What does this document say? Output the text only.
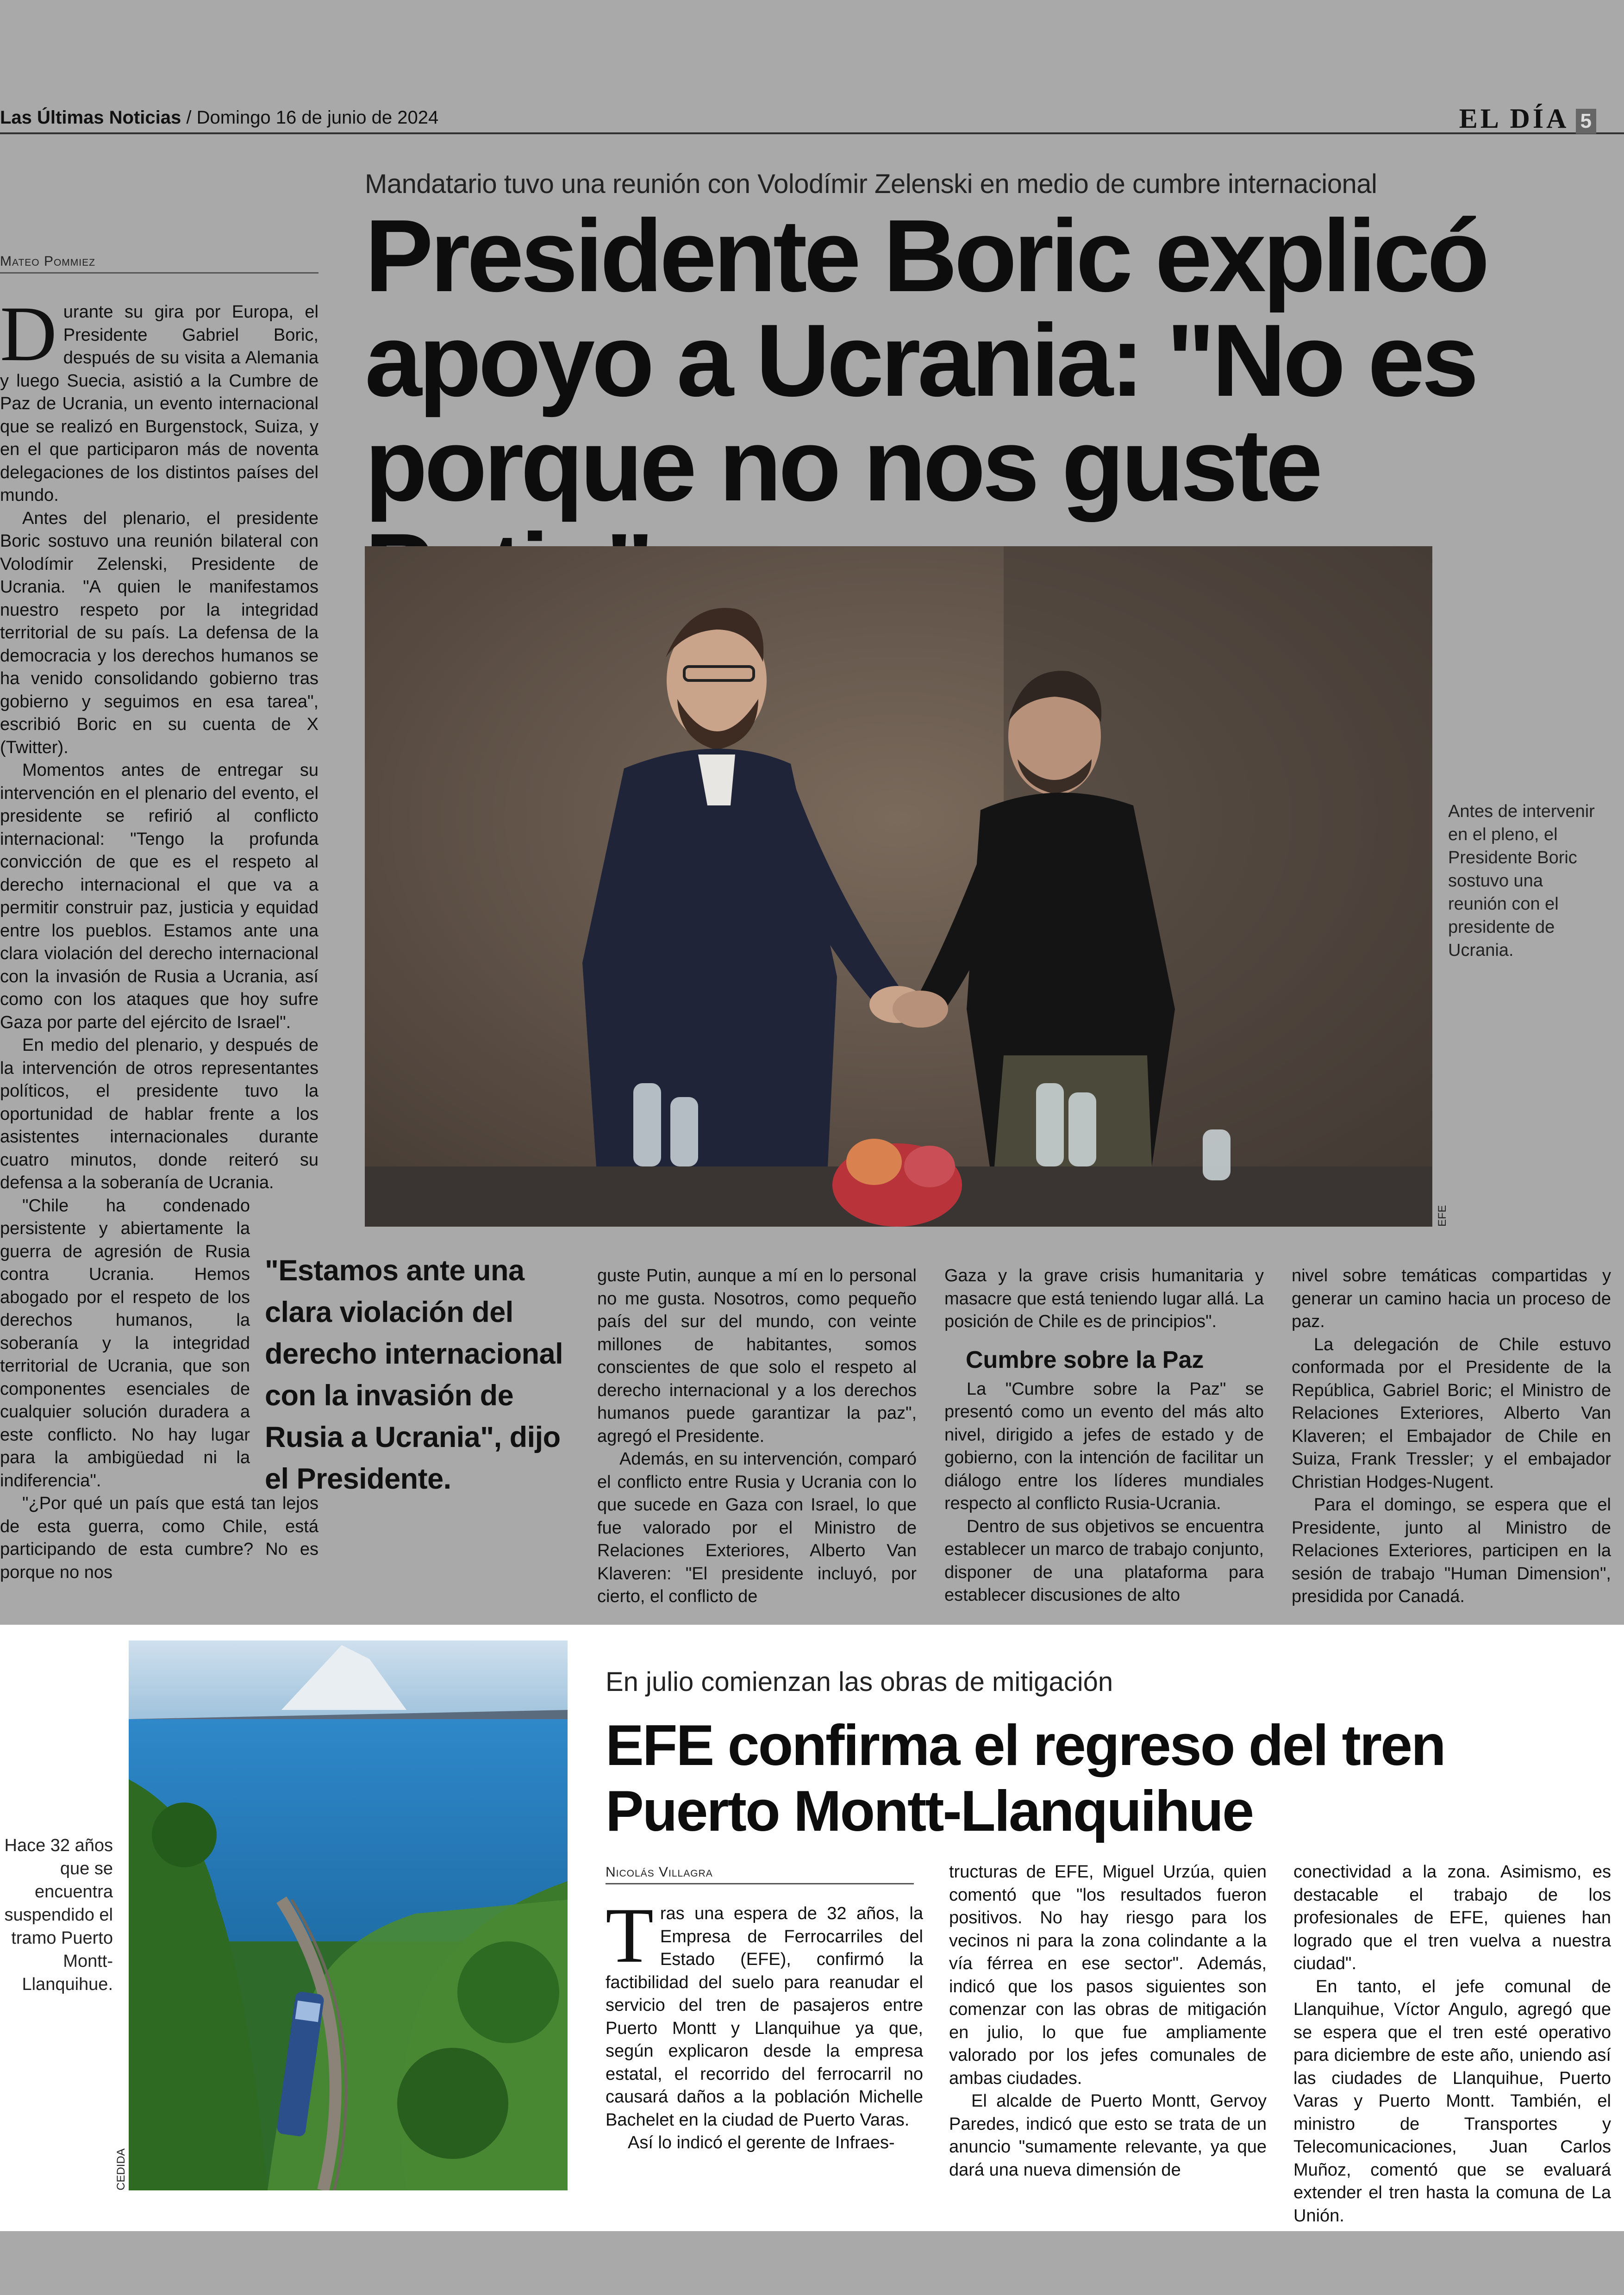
Las Últimas Noticias / Domingo 16 de junio de 2024	EL DÍA 5
Mandatario tuvo una reunión con Volodímir Zelenski en medio de cumbre internacional
Presidente Boric explicó apoyo a Ucrania: "No es porque no nos guste
Mateo Pommiez

Durante su gira por Europa, el Presidente Gabriel Boric, después de su visita a Alemania y luego Suecia, asistió a la Cumbre de Paz de Ucrania, un evento internacional que se realizó en Burgenstock, Suiza, y en el que participaron más de noventa delegaciones de los distintos países del mundo.

Antes del plenario, el presidente Boric sostuvo una reunión bilateral con Volodímir Zelenski, Presidente de Ucrania. "A quien le manifestamos nuestro respeto por la integridad territorial de su país. La defensa de la democracia y los derechos humanos se ha venido consolidando gobierno tras gobierno y seguimos en esa tarea", escribió Boric en su cuenta de X (Twitter).

Momentos antes de entregar su intervención en el plenario del evento, el presidente se refirió al conflicto internacional: "Tengo la profunda convicción de que es el respeto al derecho internacional el que va a permitir construir paz, justicia y equidad entre los pueblos. Estamos ante una clara violación del derecho internacional con la invasión de Rusia a Ucrania, así como con los ataques que hoy sufre Gaza por parte del ejército de Israel".

En medio del plenario, y después de la intervención de otros representantes políticos, el presidente tuvo la oportunidad de hablar frente a los asistentes internacionales durante cuatro minutos, donde reiteró su defensa a la soberanía de Ucrania.

"Chile ha condenado persistente y abiertamente la guerra de agresión de Rusia contra Ucrania. Hemos abogado por el respeto de los derechos humanos, la soberanía y la integridad territorial de Ucrania, que son componentes esenciales de cualquier solución duradera a este conflicto. No hay lugar para la ambigüedad ni la indiferencia".

"¿Por qué un país que está tan lejos de esta guerra, como Chile, está participando de esta cumbre? No es porque no nos

EFE
Antes de intervenir en el pleno, el Presidente Boric sostuvo una reunión con el presidente de Ucrania.
"Estamos ante una clara violación del derecho internacional con la invasión de Rusia a Ucrania", dijo el Presidente.

guste Putin, aunque a mí en lo personal no me gusta. Nosotros, como pequeño país del sur del mundo, con veinte millones de habitantes, somos conscientes de que solo el respeto al derecho internacional y a los derechos humanos puede garantizar la paz", agregó el Presidente.

Además, en su intervención, comparó el conflicto entre Rusia y Ucrania con lo que sucede en Gaza con Israel, lo que fue valorado por el Ministro de Relaciones Exteriores, Alberto Van Klaveren: "El presidente incluyó, por cierto, el conflicto de

Gaza y la grave crisis humanitaria y masacre que está teniendo lugar allá. La posición de Chile es de principios".

Cumbre sobre la Paz

La "Cumbre sobre la Paz" se presentó como un evento del más alto nivel, dirigido a jefes de estado y de gobierno, con la intención de facilitar un diálogo entre los líderes mundiales respecto al conflicto Rusia-Ucrania.

Dentro de sus objetivos se encuentra establecer un marco de trabajo conjunto, disponer de una plataforma para establecer discusiones de alto

nivel sobre temáticas compartidas y generar un camino hacia un proceso de paz.

La delegación de Chile estuvo conformada por el Presidente de la República, Gabriel Boric; el Ministro de Relaciones Exteriores, Alberto Van Klaveren; el Embajador de Chile en Suiza, Frank Tressler; y el embajador Christian Hodges-Nugent.

Para el domingo, se espera que el Presidente, junto al Ministro de Relaciones Exteriores, participen en la sesión de trabajo "Human Dimension", presidida por Canadá.

CEDIDA
Hace 32 años que se encuentra suspendido el tramo Puerto Montt-Llanquihue.
En julio comienzan las obras de mitigación
EFE confirma el regreso del tren Puerto Montt-Llanquihue
Nicolás Villagra

Tras una espera de 32 años, la Empresa de Ferrocarriles del Estado (EFE), confirmó la factibilidad del suelo para reanudar el servicio del tren de pasajeros entre Puerto Montt y Llanquihue ya que, según explicaron desde la empresa estatal, el recorrido del ferrocarril no causará daños a la población Michelle Bachelet en la ciudad de Puerto Varas.

Así lo indicó el gerente de Infraes-

tructuras de EFE, Miguel Urzúa, quien comentó que "los resultados fueron positivos. No hay riesgo para los vecinos ni para la zona colindante a la vía férrea en ese sector". Además, indicó que los pasos siguientes son comenzar con las obras de mitigación en julio, lo que fue ampliamente valorado por los jefes comunales de ambas ciudades.

El alcalde de Puerto Montt, Gervoy Paredes, indicó que esto se trata de un anuncio "sumamente relevante, ya que dará una nueva dimensión de

conectividad a la zona. Asimismo, es destacable el trabajo de los profesionales de EFE, quienes han logrado que el tren vuelva a nuestra ciudad".

En tanto, el jefe comunal de Llanquihue, Víctor Angulo, agregó que se espera que el tren esté operativo para diciembre de este año, uniendo así las ciudades de Llanquihue, Puerto Varas y Puerto Montt. También, el ministro de Transportes y Telecomunicaciones, Juan Carlos Muñoz, comentó que se evaluará extender el tren hasta la comuna de La Unión.
